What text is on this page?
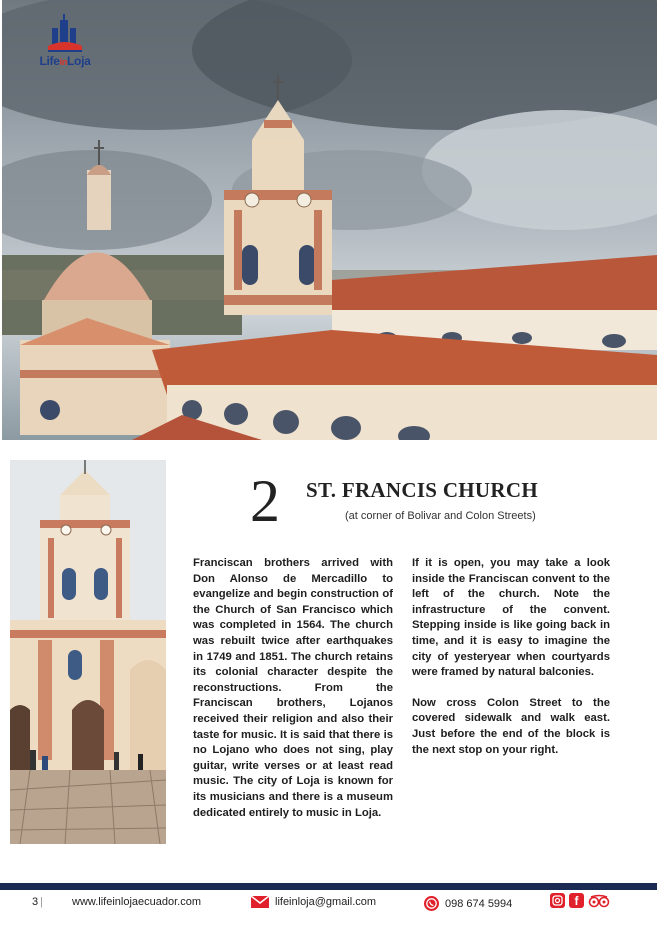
LifeinLoja
2 ST. FRANCIS CHURCH
(at corner of Bolivar and Colon Streets)

Franciscan brothers arrived with Don Alonso de Mercadillo to evangelize and begin construction of the Church of San Francisco which was completed in 1564. The church was rebuilt twice after earthquakes in 1749 and 1851. The church retains its colonial character despite the reconstructions. From the Franciscan brothers, Lojanos received their religion and also their taste for music. It is said that there is no Lojano who does not sing, play guitar, write verses or at least read music. The city of Loja is known for its musicians and there is a museum dedicated entirely to music in Loja.

If it is open, you may take a look inside the Franciscan convent to the left of the church. Note the infrastructure of the convent. Stepping inside is like going back in time, and it is easy to imagine the city of yesteryear when courtyards were framed by natural balconies.

Now cross Colon Street to the covered sidewalk and walk east. Just before the end of the block is the next stop on your right.

3 |	www.lifeinlojaecuador.com	lifeinloja@gmail.com	098 674 5994	f
